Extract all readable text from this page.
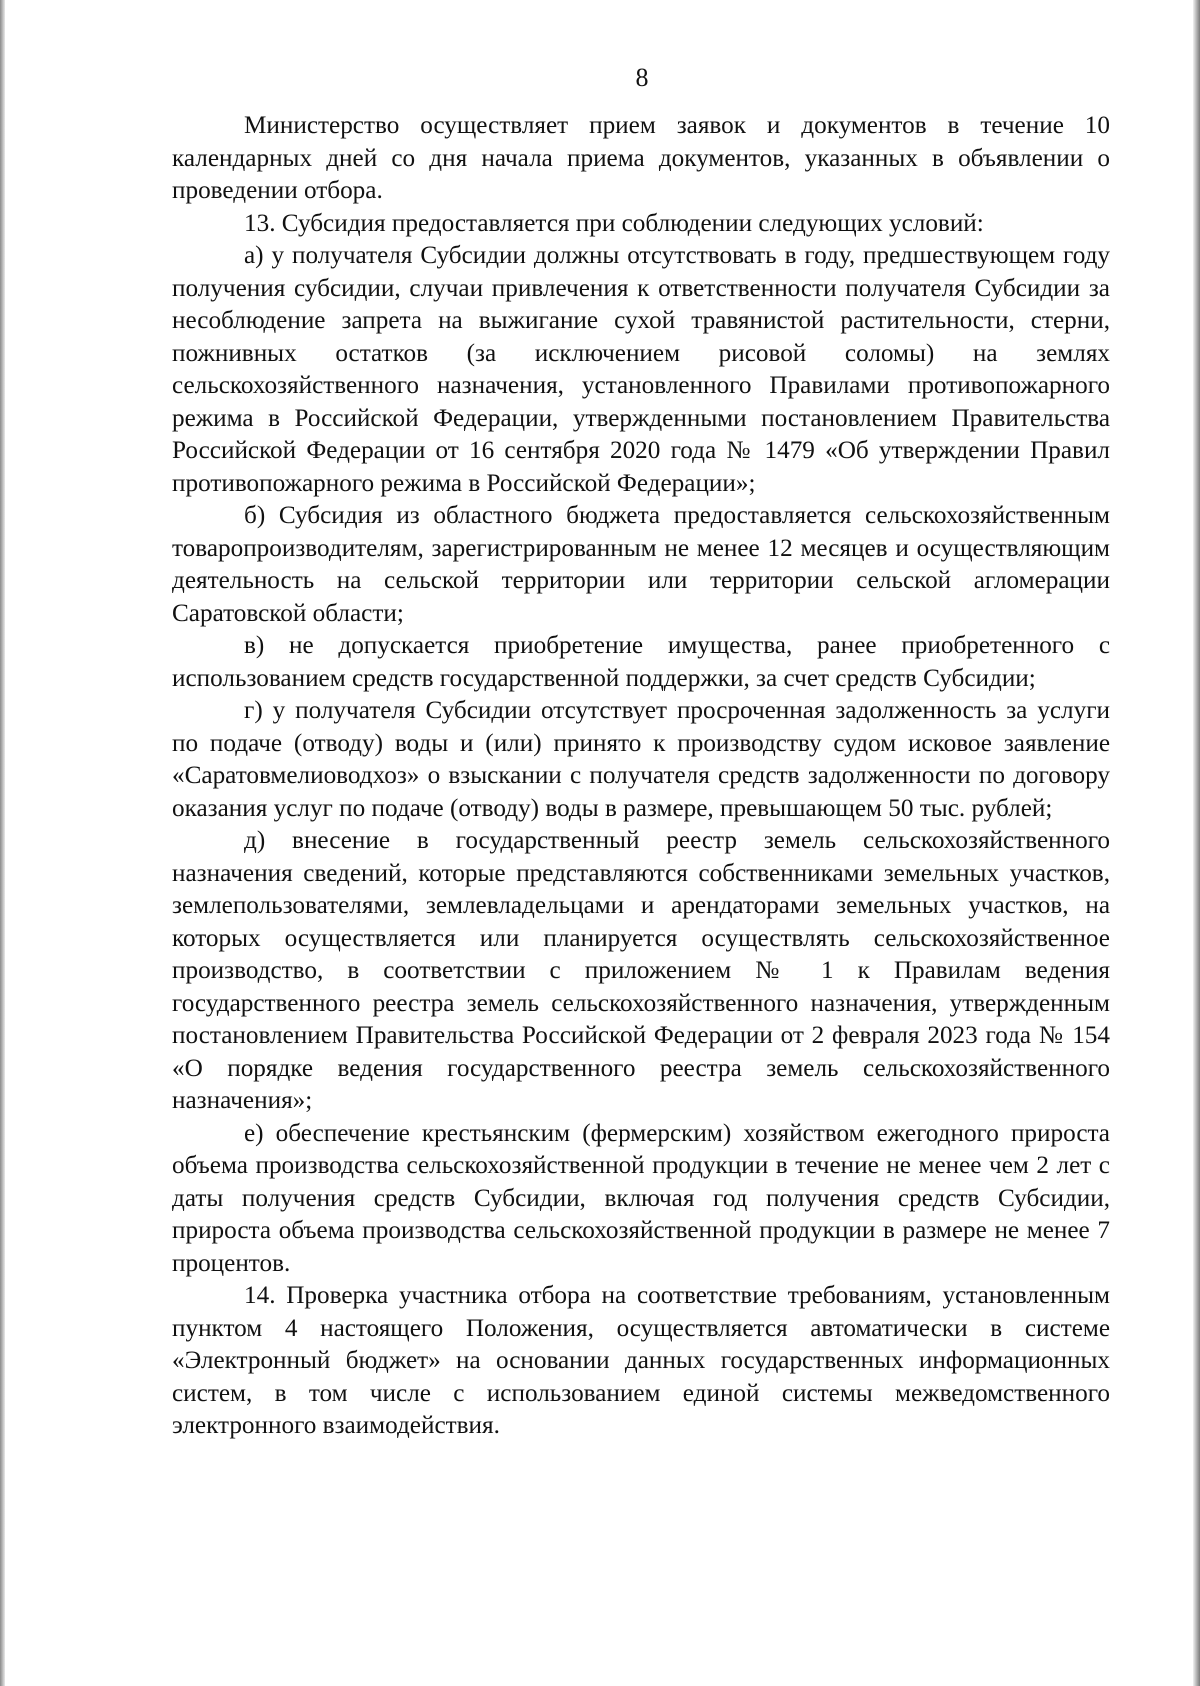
8

Министерство осуществляет прием заявок и документов в течение 10 календарных дней со дня начала приема документов, указанных в объявлении о проведении отбора.

13. Субсидия предоставляется при соблюдении следующих условий:

а) у получателя Субсидии должны отсутствовать в году, предшествующем году получения субсидии, случаи привлечения к ответственности получателя Субсидии за несоблюдение запрета на выжигание сухой травянистой растительности, стерни, пожнивных остатков (за исключением рисовой соломы) на землях сельскохозяйственного назначения, установленного Правилами противопожарного режима в Российской Федерации, утвержденными постановлением Правительства Российской Федерации от 16 сентября 2020 года № 1479 «Об утверждении Правил противопожарного режима в Российской Федерации»;

б) Субсидия из областного бюджета предоставляется сельскохозяйственным товаропроизводителям, зарегистрированным не менее 12 месяцев и осуществляющим деятельность на сельской территории или территории сельской агломерации Саратовской области;

в) не допускается приобретение имущества, ранее приобретенного с использованием средств государственной поддержки, за счет средств Субсидии;

г) у получателя Субсидии отсутствует просроченная задолженность за услуги по подаче (отводу) воды и (или) принято к производству судом исковое заявление «Саратовмелиоводхоз» о взыскании с получателя средств задолженности по договору оказания услуг по подаче (отводу) воды в размере, превышающем 50 тыс. рублей;

д) внесение в государственный реестр земель сельскохозяйственного назначения сведений, которые представляются собственниками земельных участков, землепользователями, землевладельцами и арендаторами земельных участков, на которых осуществляется или планируется осуществлять сельскохозяйственное производство, в соответствии с приложением № 1 к Правилам ведения государственного реестра земель сельскохозяйственного назначения, утвержденным постановлением Правительства Российской Федерации от 2 февраля 2023 года № 154 «О порядке ведения государственного реестра земель сельскохозяйственного назначения»;

е) обеспечение крестьянским (фермерским) хозяйством ежегодного прироста объема производства сельскохозяйственной продукции в течение не менее чем 2 лет с даты получения средств Субсидии, включая год получения средств Субсидии, прироста объема производства сельскохозяйственной продукции в размере не менее 7 процентов.

14. Проверка участника отбора на соответствие требованиям, установленным пунктом 4 настоящего Положения, осуществляется автоматически в системе «Электронный бюджет» на основании данных государственных информационных систем, в том числе с использованием единой системы межведомственного электронного взаимодействия.
